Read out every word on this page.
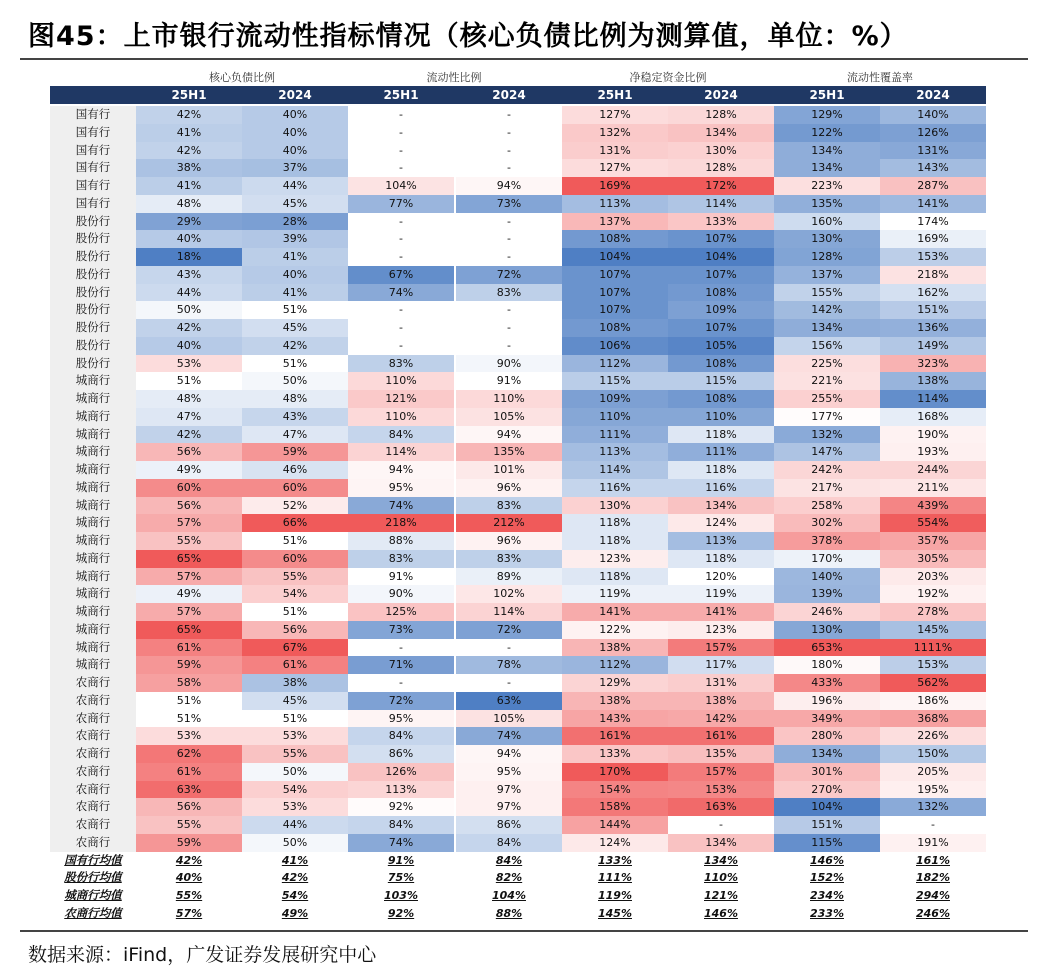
图45：上市银行流动性指标情况（核心负债比例为测算值，单位：%）
核心负债比例	流动性比例	净稳定资金比例	流动性覆盖率
25H1	2024	25H1	2024	25H1	2024	25H1	2024
国有行	42%	40%	-	-	127%	128%	129%	140%
国有行	41%	40%	-	-	132%	134%	122%	126%
国有行	42%	40%	-	-	131%	130%	134%	131%
国有行	38%	37%	-	-	127%	128%	134%	143%
国有行	41%	44%	104%	94%	169%	172%	223%	287%
国有行	48%	45%	77%	73%	113%	114%	135%	141%
股份行	29%	28%	-	-	137%	133%	160%	174%
股份行	40%	39%	-	-	108%	107%	130%	169%
股份行	18%	41%	-	-	104%	104%	128%	153%
股份行	43%	40%	67%	72%	107%	107%	137%	218%
股份行	44%	41%	74%	83%	107%	108%	155%	162%
股份行	50%	51%	-	-	107%	109%	142%	151%
股份行	42%	45%	-	-	108%	107%	134%	136%
股份行	40%	42%	-	-	106%	105%	156%	149%
股份行	53%	51%	83%	90%	112%	108%	225%	323%
城商行	51%	50%	110%	91%	115%	115%	221%	138%
城商行	48%	48%	121%	110%	109%	108%	255%	114%
城商行	47%	43%	110%	105%	110%	110%	177%	168%
城商行	42%	47%	84%	94%	111%	118%	132%	190%
城商行	56%	59%	114%	135%	113%	111%	147%	193%
城商行	49%	46%	94%	101%	114%	118%	242%	244%
城商行	60%	60%	95%	96%	116%	116%	217%	211%
城商行	56%	52%	74%	83%	130%	134%	258%	439%
城商行	57%	66%	218%	212%	118%	124%	302%	554%
城商行	55%	51%	88%	96%	118%	113%	378%	357%
城商行	65%	60%	83%	83%	123%	118%	170%	305%
城商行	57%	55%	91%	89%	118%	120%	140%	203%
城商行	49%	54%	90%	102%	119%	119%	139%	192%
城商行	57%	51%	125%	114%	141%	141%	246%	278%
城商行	65%	56%	73%	72%	122%	123%	130%	145%
城商行	61%	67%	-	-	138%	157%	653%	1111%
城商行	59%	61%	71%	78%	112%	117%	180%	153%
农商行	58%	38%	-	-	129%	131%	433%	562%
农商行	51%	45%	72%	63%	138%	138%	196%	186%
农商行	51%	51%	95%	105%	143%	142%	349%	368%
农商行	53%	53%	84%	74%	161%	161%	280%	226%
农商行	62%	55%	86%	94%	133%	135%	134%	150%
农商行	61%	50%	126%	95%	170%	157%	301%	205%
农商行	63%	54%	113%	97%	154%	153%	270%	195%
农商行	56%	53%	92%	97%	158%	163%	104%	132%
农商行	55%	44%	84%	86%	144%	-	151%	-
农商行	59%	50%	74%	84%	124%	134%	115%	191%
国有行均值	42%	41%	91%	84%	133%	134%	146%	161%
股份行均值	40%	42%	75%	82%	111%	110%	152%	182%
城商行均值	55%	54%	103%	104%	119%	121%	234%	294%
农商行均值	57%	49%	92%	88%	145%	146%	233%	246%
数据来源：iFind，广发证券发展研究中心
